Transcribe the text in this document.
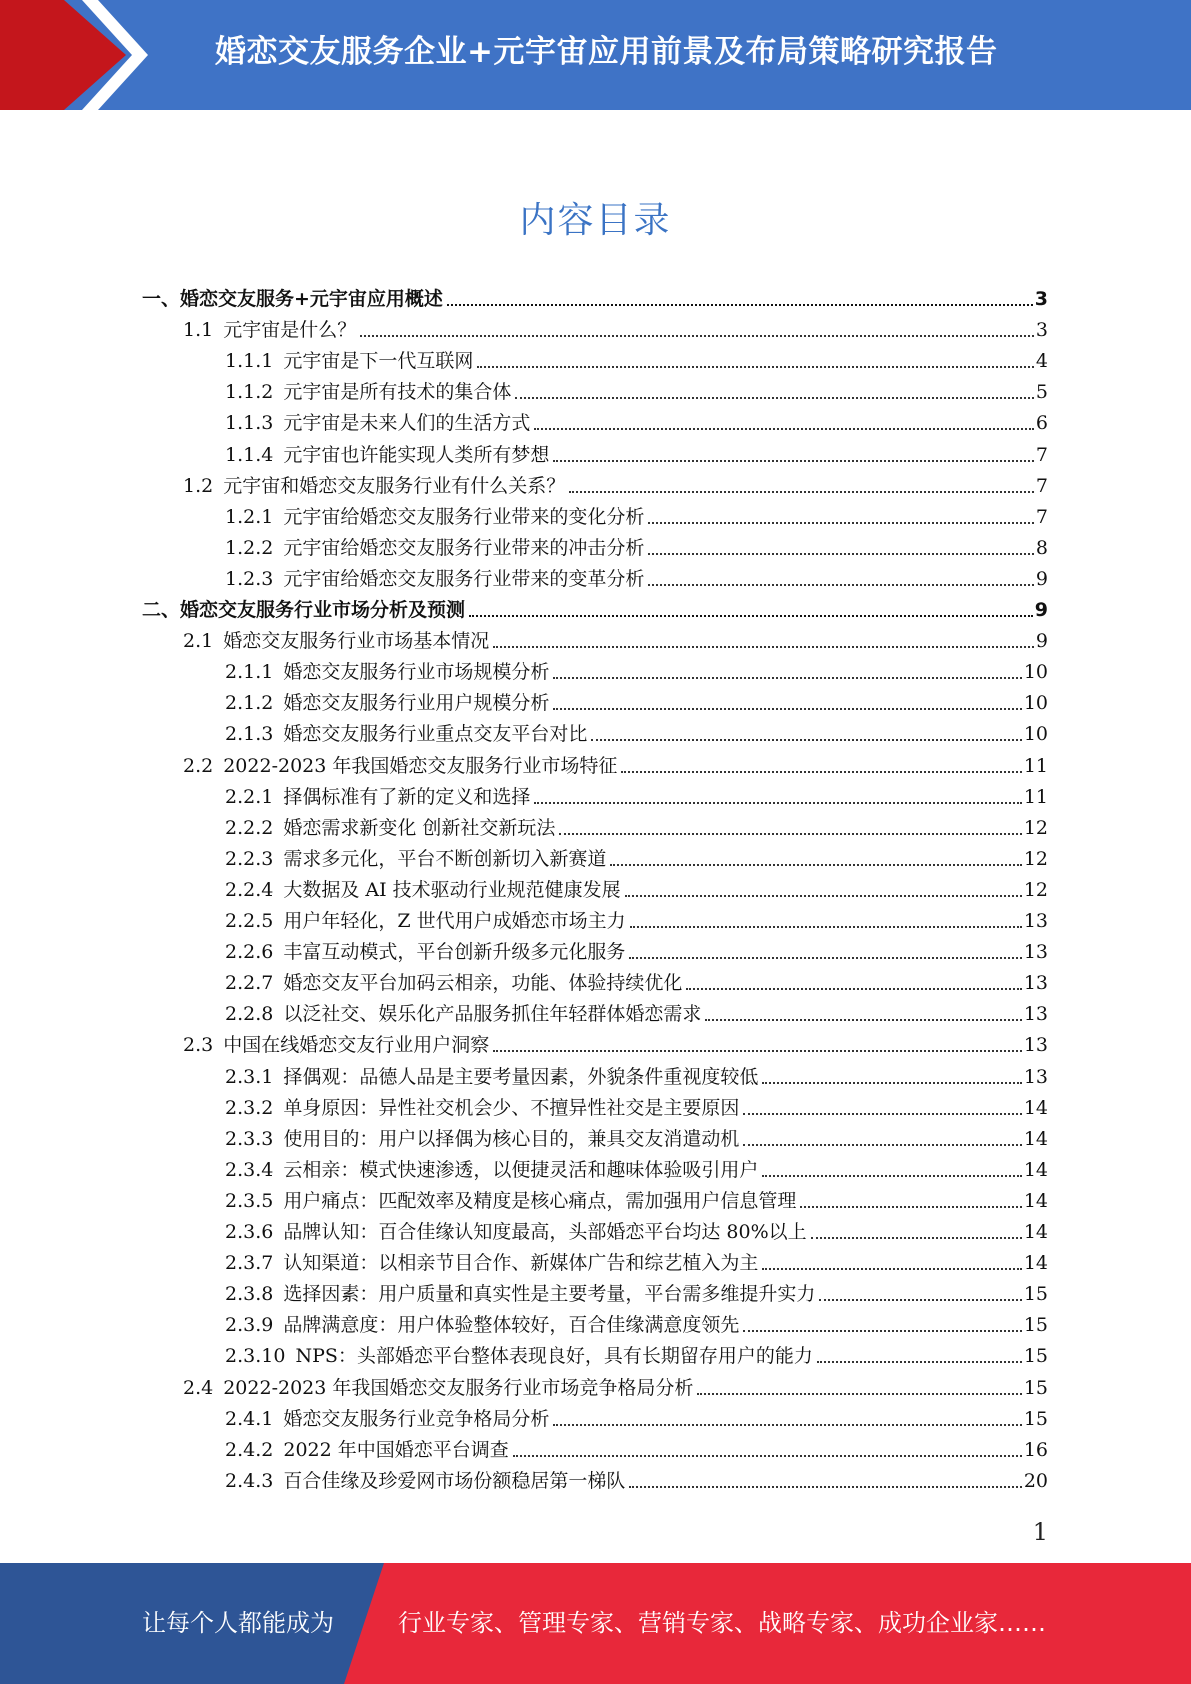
婚恋交友服务企业+元宇宙应用前景及布局策略研究报告
内容目录
一、 婚恋交友服务+元宇宙应用概述	3
1.1 元宇宙是什么？	3
1.1.1 元宇宙是下一代互联网	4
1.1.2 元宇宙是所有技术的集合体	5
1.1.3 元宇宙是未来人们的生活方式	6
1.1.4 元宇宙也许能实现人类所有梦想	7
1.2 元宇宙和婚恋交友服务行业有什么关系？	7
1.2.1 元宇宙给婚恋交友服务行业带来的变化分析	7
1.2.2 元宇宙给婚恋交友服务行业带来的冲击分析	8
1.2.3 元宇宙给婚恋交友服务行业带来的变革分析	9
二、 婚恋交友服务行业市场分析及预测	9
2.1 婚恋交友服务行业市场基本情况	9
2.1.1 婚恋交友服务行业市场规模分析	10
2.1.2 婚恋交友服务行业用户规模分析	10
2.1.3 婚恋交友服务行业重点交友平台对比	10
2.2 2022-2023 年我国婚恋交友服务行业市场特征	11
2.2.1 择偶标准有了新的定义和选择	11
2.2.2 婚恋需求新变化 创新社交新玩法	12
2.2.3 需求多元化，平台不断创新切入新赛道	12
2.2.4 大数据及 AI 技术驱动行业规范健康发展	12
2.2.5 用户年轻化，Z 世代用户成婚恋市场主力	13
2.2.6 丰富互动模式，平台创新升级多元化服务	13
2.2.7 婚恋交友平台加码云相亲，功能、体验持续优化	13
2.2.8 以泛社交、娱乐化产品服务抓住年轻群体婚恋需求	13
2.3 中国在线婚恋交友行业用户洞察	13
2.3.1 择偶观：品德人品是主要考量因素，外貌条件重视度较低	13
2.3.2 单身原因：异性社交机会少、不擅异性社交是主要原因	14
2.3.3 使用目的：用户以择偶为核心目的，兼具交友消遣动机	14
2.3.4 云相亲：模式快速渗透，以便捷灵活和趣味体验吸引用户	14
2.3.5 用户痛点：匹配效率及精度是核心痛点，需加强用户信息管理	14
2.3.6 品牌认知：百合佳缘认知度最高，头部婚恋平台均达 80%以上	14
2.3.7 认知渠道：以相亲节目合作、新媒体广告和综艺植入为主	14
2.3.8 选择因素：用户质量和真实性是主要考量，平台需多维提升实力	15
2.3.9 品牌满意度：用户体验整体较好，百合佳缘满意度领先	15
2.3.10 NPS：头部婚恋平台整体表现良好，具有长期留存用户的能力	15
2.4 2022-2023 年我国婚恋交友服务行业市场竞争格局分析	15
2.4.1 婚恋交友服务行业竞争格局分析	15
2.4.2 2022 年中国婚恋平台调查	16
2.4.3 百合佳缘及珍爱网市场份额稳居第一梯队	20
1
让每个人都能成为	行业专家、管理专家、营销专家、战略专家、成功企业家……
